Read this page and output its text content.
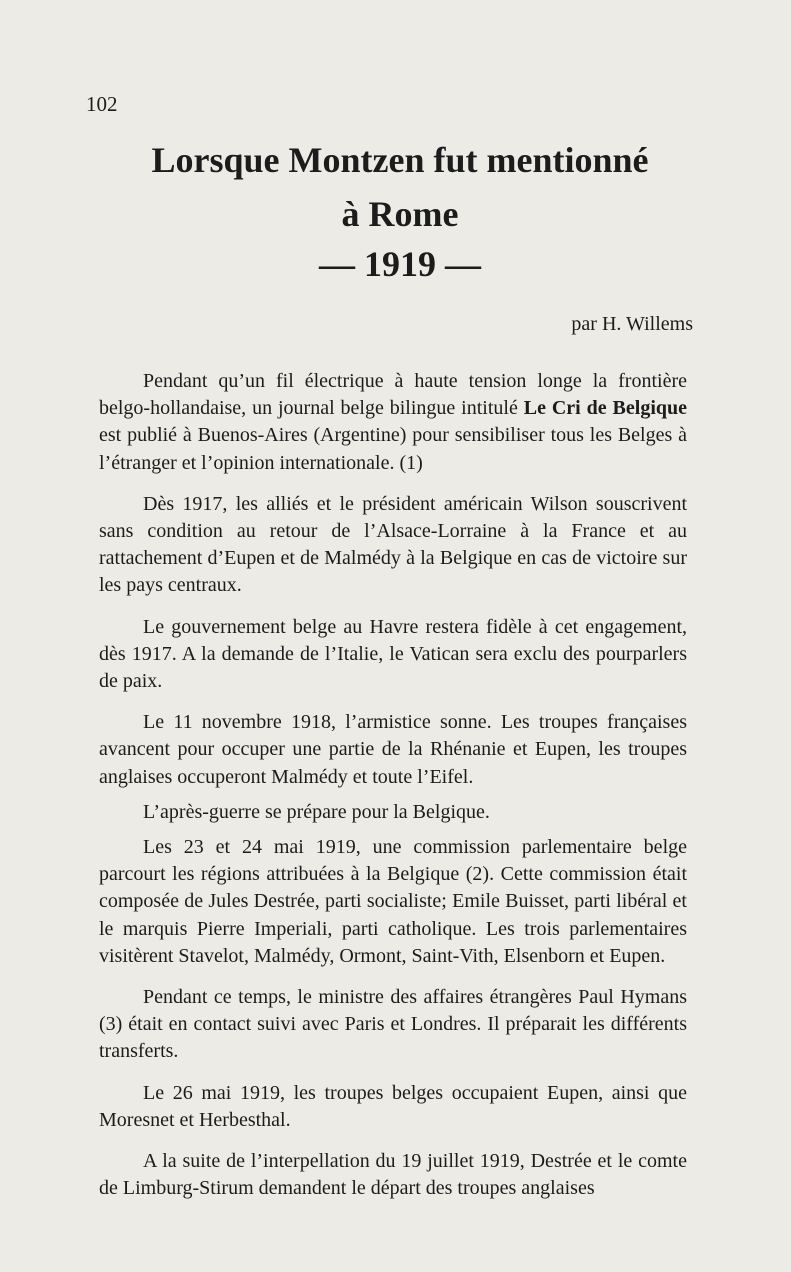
102
Lorsque Montzen fut mentionné
à Rome
— 1919 —
par H. Willems

Pendant qu’un fil électrique à haute tension longe la frontière belgo-hollandaise, un journal belge bilingue intitulé Le Cri de Belgique est publié à Buenos-Aires (Argentine) pour sensibiliser tous les Belges à l’étranger et l’opinion internationale. (1)

Dès 1917, les alliés et le président américain Wilson souscrivent sans condition au retour de l’Alsace-Lorraine à la France et au rattachement d’Eupen et de Malmédy à la Belgique en cas de victoire sur les pays centraux.

Le gouvernement belge au Havre restera fidèle à cet engagement, dès 1917. A la demande de l’Italie, le Vatican sera exclu des pourparlers de paix.

Le 11 novembre 1918, l’armistice sonne. Les troupes françaises avancent pour occuper une partie de la Rhénanie et Eupen, les troupes anglaises occuperont Malmédy et toute l’Eifel.

L’après-guerre se prépare pour la Belgique.

Les 23 et 24 mai 1919, une commission parlementaire belge parcourt les régions attribuées à la Belgique (2). Cette commission était composée de Jules Destrée, parti socialiste; Emile Buisset, parti libéral et le marquis Pierre Imperiali, parti catholique. Les trois parlementaires visitèrent Stavelot, Malmédy, Ormont, Saint-Vith, Elsenborn et Eupen.

Pendant ce temps, le ministre des affaires étrangères Paul Hymans (3) était en contact suivi avec Paris et Londres. Il préparait les différents transferts.

Le 26 mai 1919, les troupes belges occupaient Eupen, ainsi que Moresnet et Herbesthal.

A la suite de l’interpellation du 19 juillet 1919, Destrée et le comte de Limburg-Stirum demandent le départ des troupes anglaises
